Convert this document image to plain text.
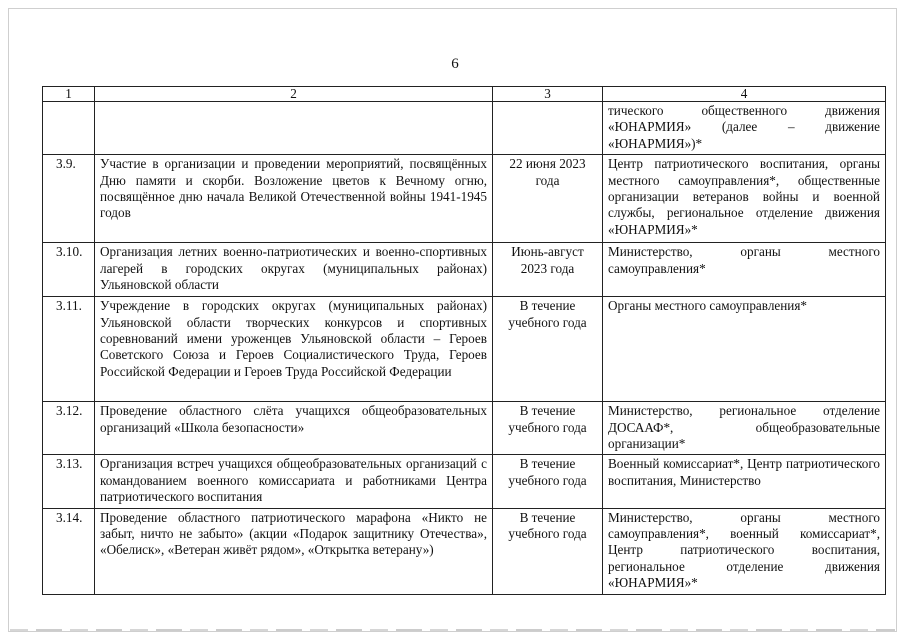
6
1	2	3	4
			тического общественного движения «ЮНАРМИЯ» (далее – движение «ЮНАРМИЯ»)*
3.9.	Участие в организации и проведении мероприятий, посвящённых Дню памяти и скорби. Возложение цветов к Вечному огню, посвящённое дню начала Великой Отечественной войны 1941-1945 годов	22 июня 2023 года	Центр патриотического воспитания, органы местного самоуправления*, общественные организации ветеранов войны и военной службы, региональное отделение движения «ЮНАРМИЯ»*
3.10.	Организация летних военно-патриотических и военно-спортивных лагерей в городских округах (муниципальных районах) Ульяновской области	Июнь-август 2023 года	Министерство, органы местного самоуправления*
3.11.	Учреждение в городских округах (муниципальных районах) Ульяновской области творческих конкурсов и спортивных соревнований имени уроженцев Ульяновской области – Героев Советского Союза и Героев Социалистического Труда, Героев Российской Федерации и Героев Труда Российской Федерации	В течение учебного года	Органы местного самоуправления*
3.12.	Проведение областного слёта учащихся общеобразовательных организаций «Школа безопасности»	В течение учебного года	Министерство, региональное отделение ДОСААФ*, общеобразовательные организации*
3.13.	Организация встреч учащихся общеобразовательных организаций с командованием военного комиссариата и работниками Центра патриотического воспитания	В течение учебного года	Военный комиссариат*, Центр патриотического воспитания, Министерство
3.14.	Проведение областного патриотического марафона «Никто не забыт, ничто не забыто» (акции «Подарок защитнику Отечества», «Обелиск», «Ветеран живёт рядом», «Открытка ветерану»)	В течение учебного года	Министерство, органы местного самоуправления*, военный комиссариат*, Центр патриотического воспитания, региональное отделение движения «ЮНАРМИЯ»*
